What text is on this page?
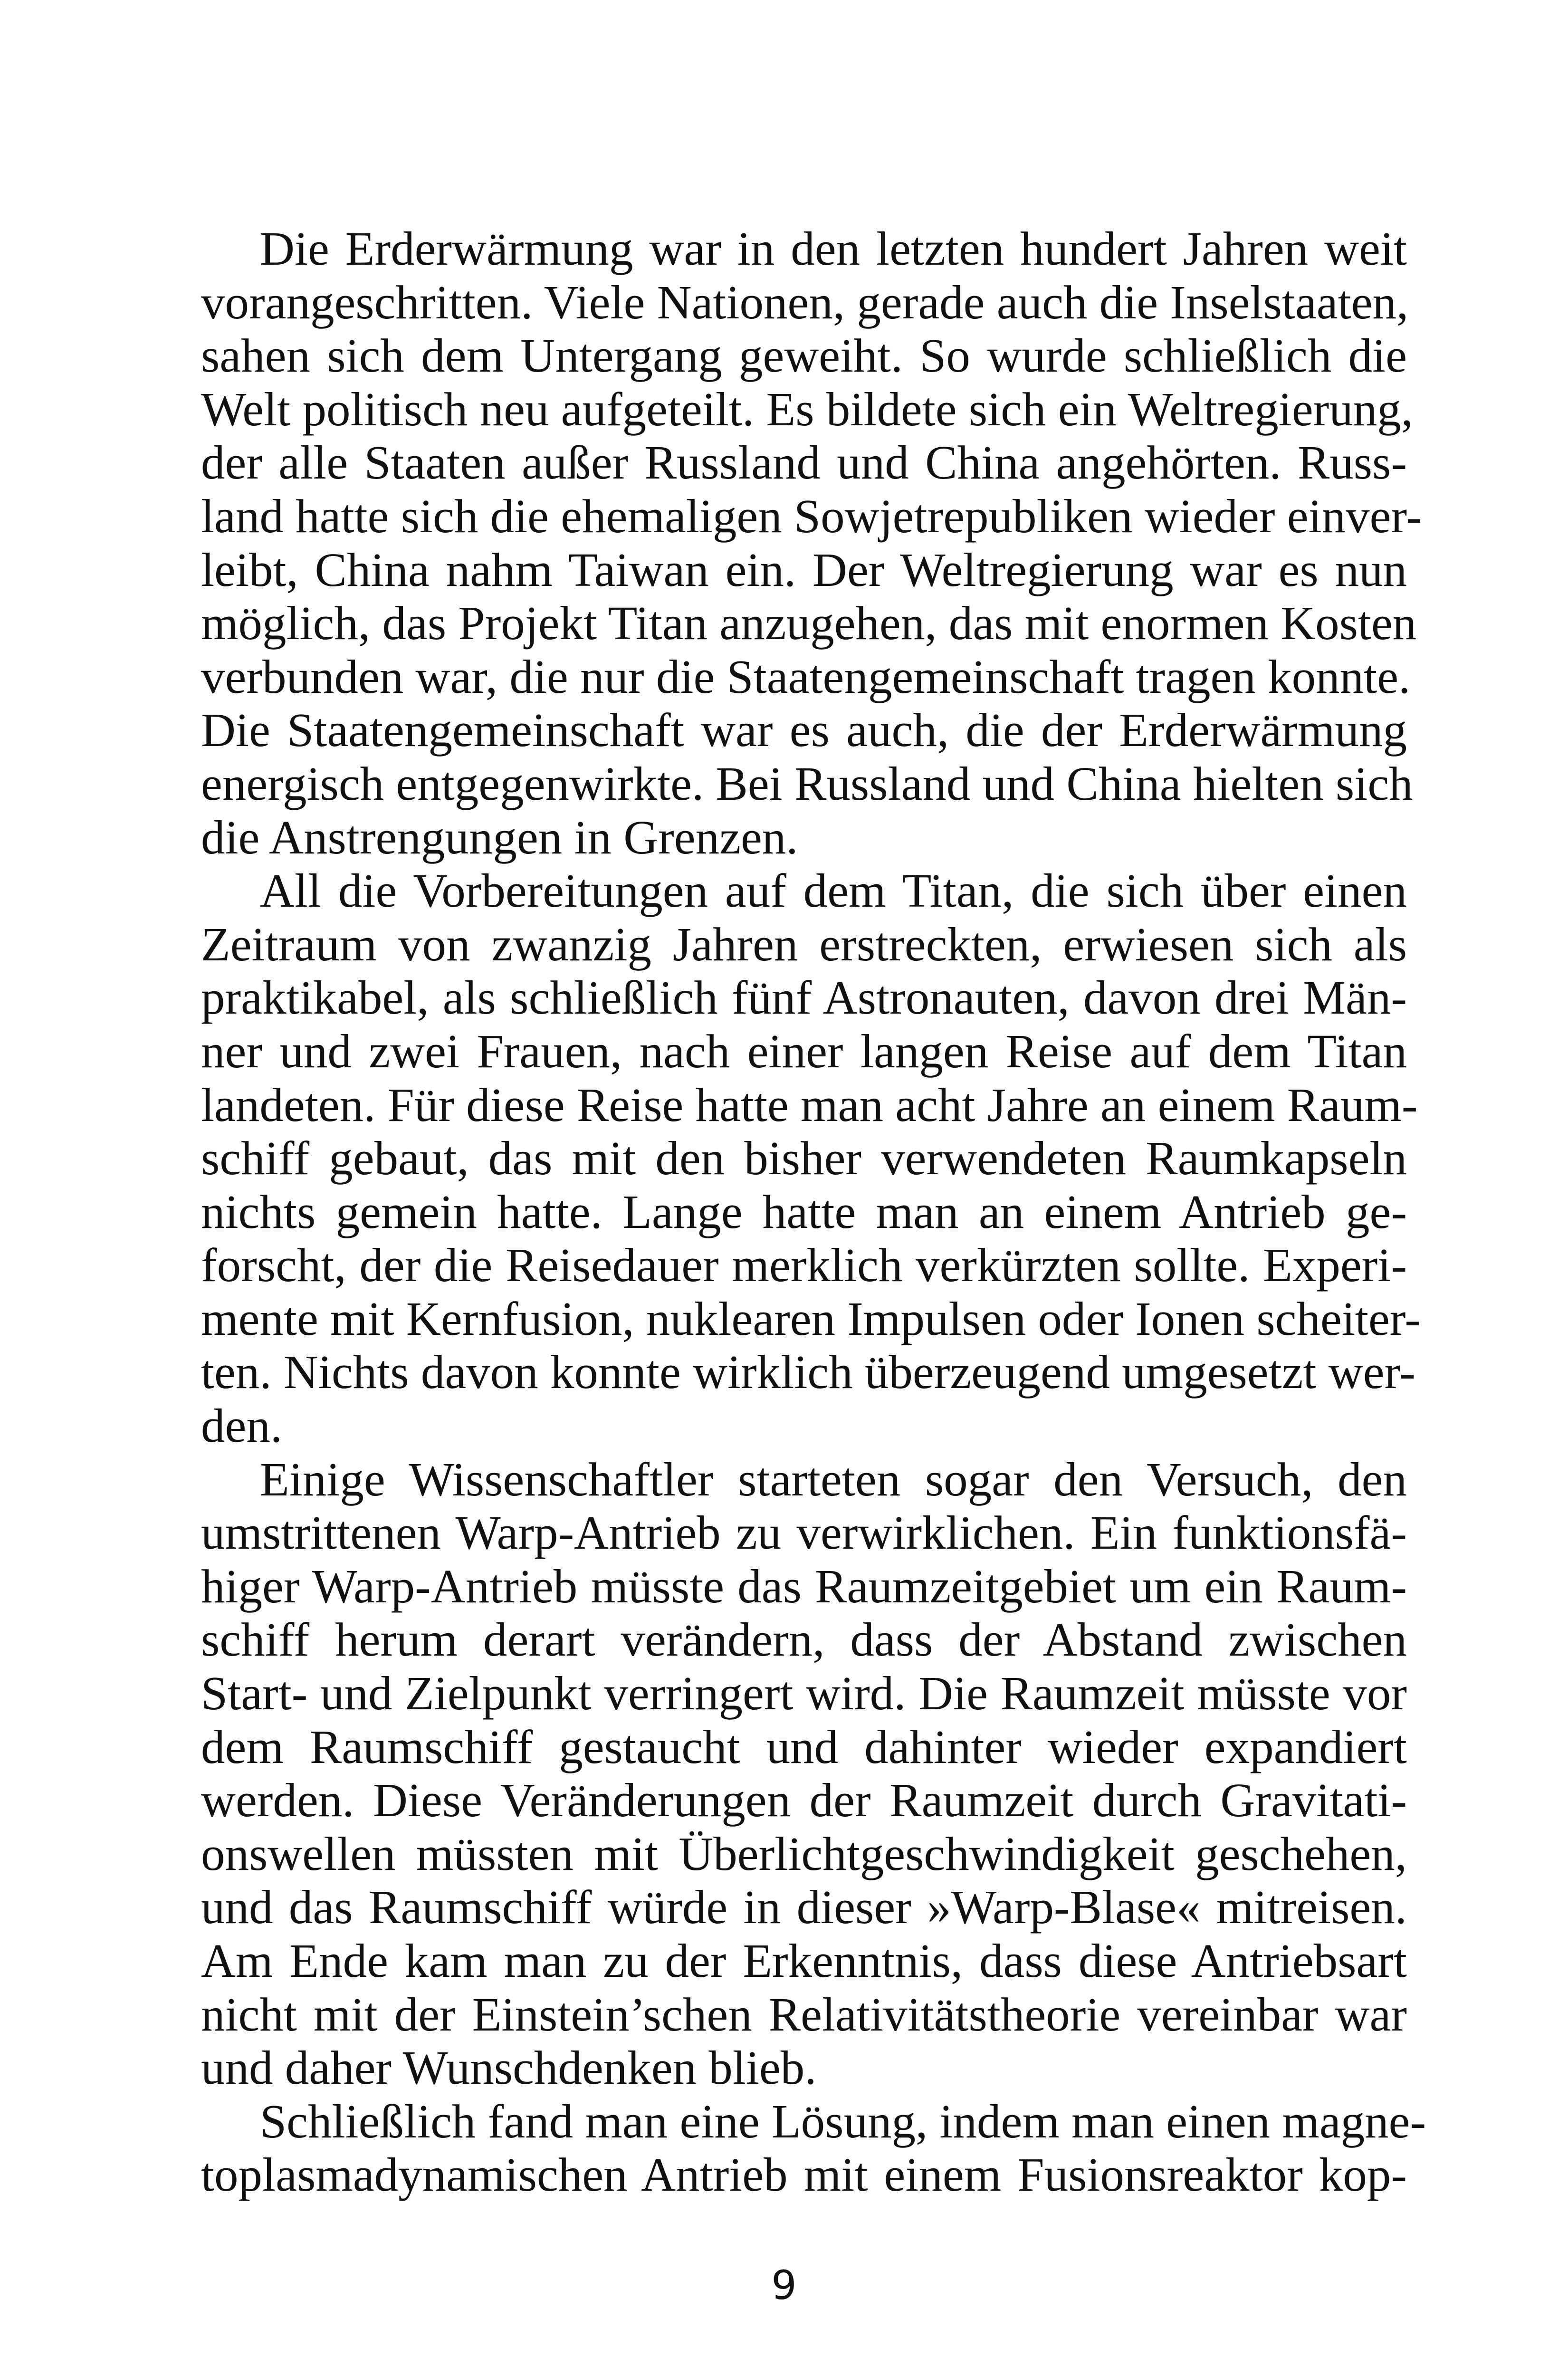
Die Erderwärmung war in den letzten hundert Jahren weit
vorangeschritten. Viele Nationen, gerade auch die Inselstaaten,
sahen sich dem Untergang geweiht. So wurde schließlich die
Welt politisch neu aufgeteilt. Es bildete sich ein Weltregierung,
der alle Staaten außer Russland und China angehörten. Russ-
land hatte sich die ehemaligen Sowjetrepubliken wieder einver-
leibt, China nahm Taiwan ein. Der Weltregierung war es nun
möglich, das Projekt Titan anzugehen, das mit enormen Kosten
verbunden war, die nur die Staatengemeinschaft tragen konnte.
Die Staatengemeinschaft war es auch, die der Erderwärmung
energisch entgegenwirkte. Bei Russland und China hielten sich
die Anstrengungen in Grenzen.
All die Vorbereitungen auf dem Titan, die sich über einen
Zeitraum von zwanzig Jahren erstreckten, erwiesen sich als
praktikabel, als schließlich fünf Astronauten, davon drei Män-
ner und zwei Frauen, nach einer langen Reise auf dem Titan
landeten. Für diese Reise hatte man acht Jahre an einem Raum-
schiff gebaut, das mit den bisher verwendeten Raumkapseln
nichts gemein hatte. Lange hatte man an einem Antrieb ge-
forscht, der die Reisedauer merklich verkürzten sollte. Experi-
mente mit Kernfusion, nuklearen Impulsen oder Ionen scheiter-
ten. Nichts davon konnte wirklich überzeugend umgesetzt wer-
den.
Einige Wissenschaftler starteten sogar den Versuch, den
umstrittenen Warp-Antrieb zu verwirklichen. Ein funktionsfä-
higer Warp-Antrieb müsste das Raumzeitgebiet um ein Raum-
schiff herum derart verändern, dass der Abstand zwischen
Start- und Zielpunkt verringert wird. Die Raumzeit müsste vor
dem Raumschiff gestaucht und dahinter wieder expandiert
werden. Diese Veränderungen der Raumzeit durch Gravitati-
onswellen müssten mit Überlichtgeschwindigkeit geschehen,
und das Raumschiff würde in dieser »Warp-Blase« mitreisen.
Am Ende kam man zu der Erkenntnis, dass diese Antriebsart
nicht mit der Einstein’schen Relativitätstheorie vereinbar war
und daher Wunschdenken blieb.
Schließlich fand man eine Lösung, indem man einen magne-
toplasmadynamischen Antrieb mit einem Fusionsreaktor kop-
9
